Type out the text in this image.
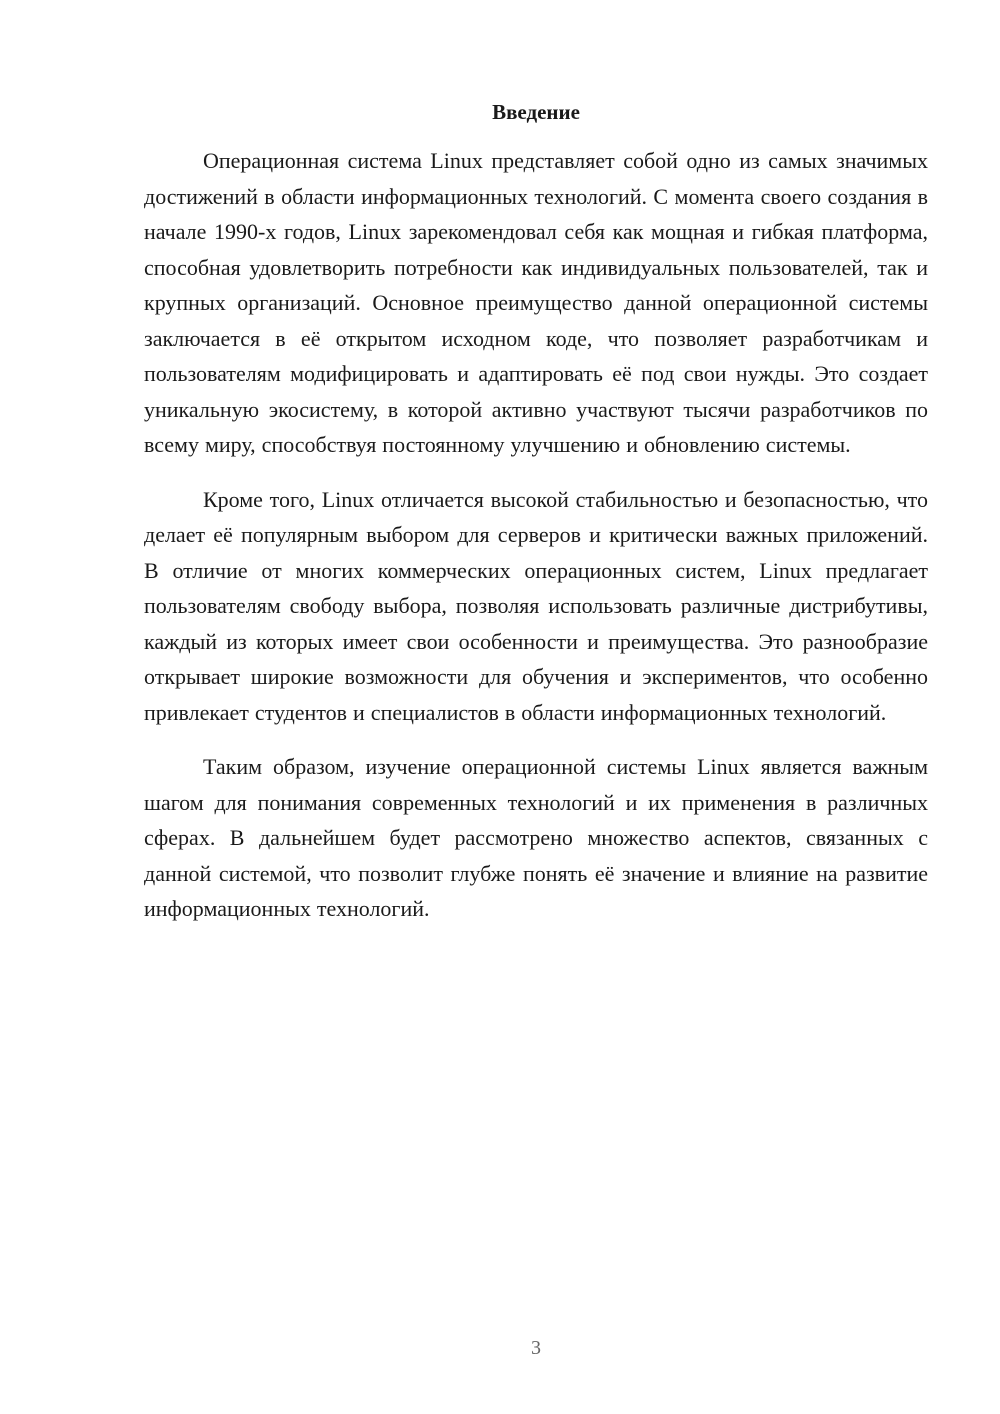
Введение

Операционная система Linux представляет собой одно из самых значимых достижений в области информационных технологий. С момента своего создания в начале 1990-х годов, Linux зарекомендовал себя как мощная и гибкая платформа, способная удовлетворить потребности как индивидуальных пользователей, так и крупных организаций. Основное преимущество данной операционной системы заключается в её открытом исходном коде, что позволяет разработчикам и пользователям модифицировать и адаптировать её под свои нужды. Это создает уникальную экосистему, в которой активно участвуют тысячи разработчиков по всему миру, способствуя постоянному улучшению и обновлению системы.

Кроме того, Linux отличается высокой стабильностью и безопасностью, что делает её популярным выбором для серверов и критически важных приложений. В отличие от многих коммерческих операционных систем, Linux предлагает пользователям свободу выбора, позволяя использовать различные дистрибутивы, каждый из которых имеет свои особенности и преимущества. Это разнообразие открывает широкие возможности для обучения и экспериментов, что особенно привлекает студентов и специалистов в области информационных технологий.

Таким образом, изучение операционной системы Linux является важным шагом для понимания современных технологий и их применения в различных сферах. В дальнейшем будет рассмотрено множество аспектов, связанных с данной системой, что позволит глубже понять её значение и влияние на развитие информационных технологий.

3
